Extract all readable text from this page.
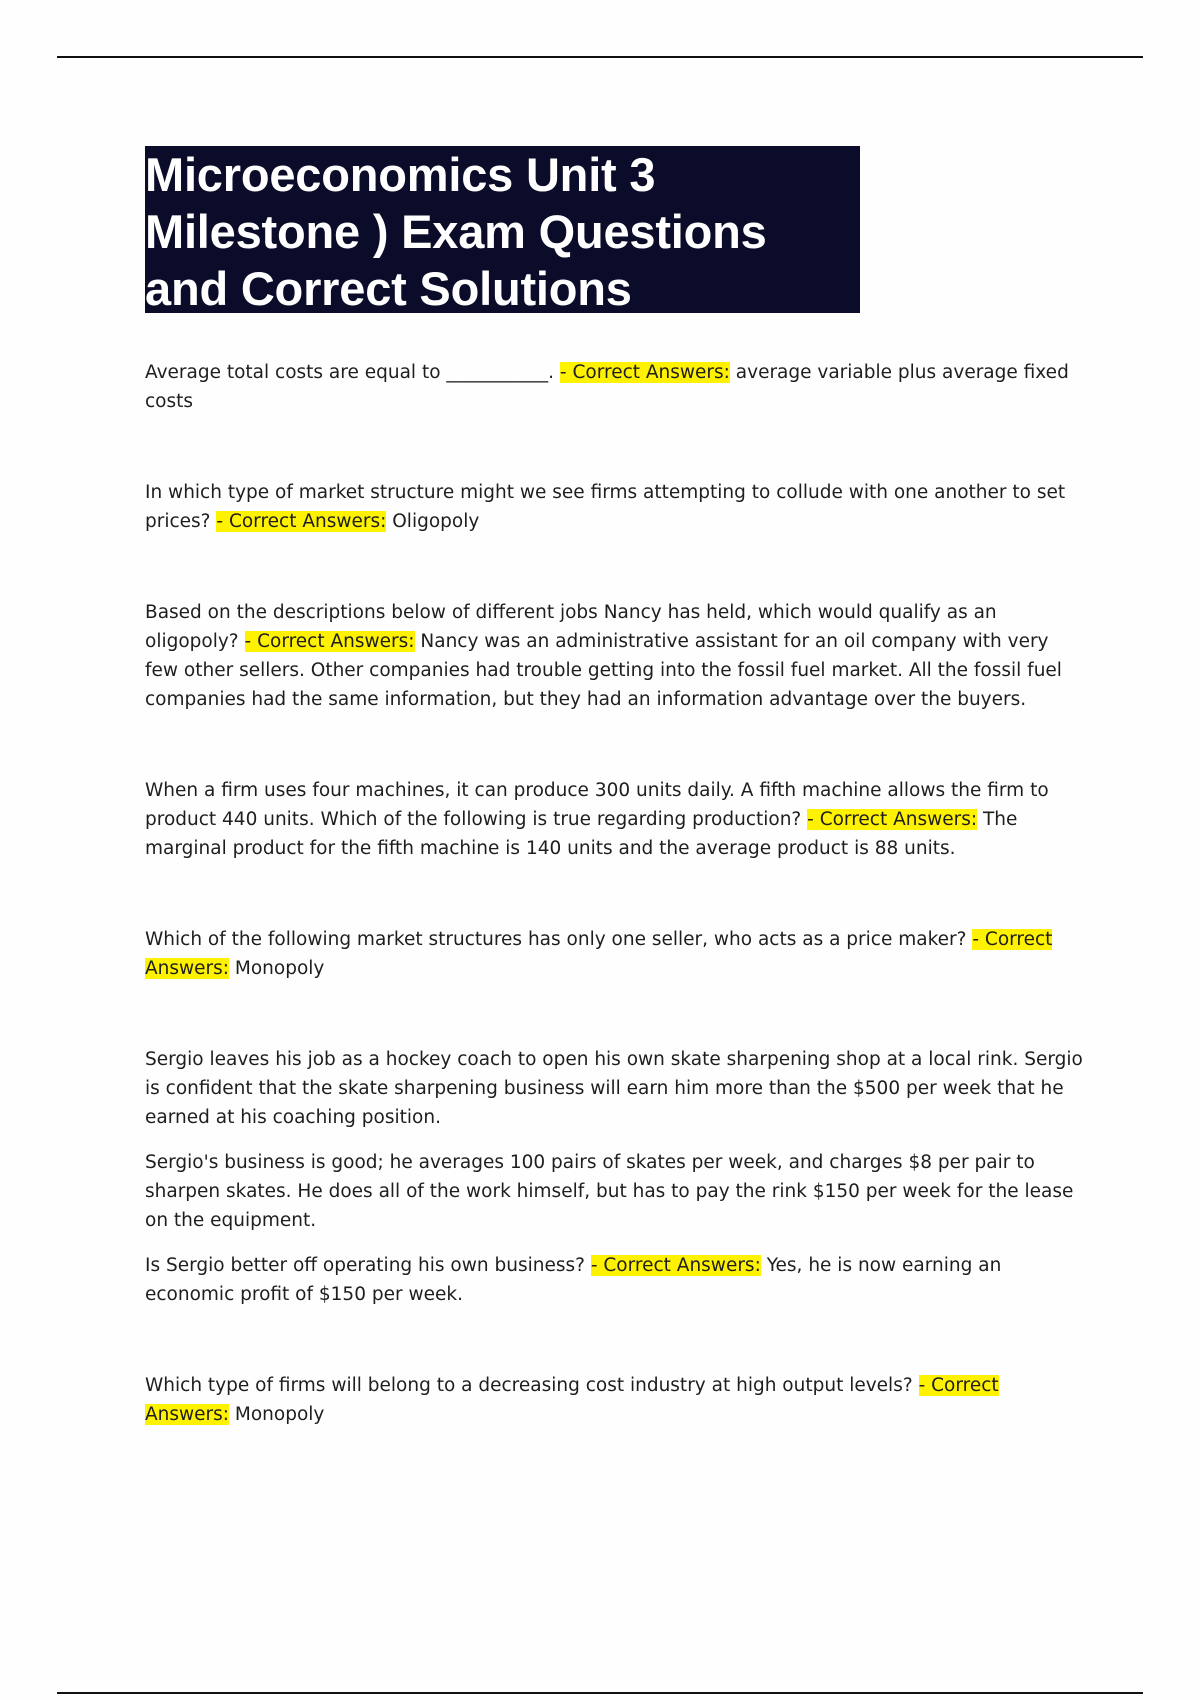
Microeconomics Unit 3
Milestone ) Exam Questions
and Correct Solutions

Average total costs are equal to ___________. - Correct Answers: average variable plus average fixed costs

In which type of market structure might we see firms attempting to collude with one another to set prices? - Correct Answers: Oligopoly

Based on the descriptions below of different jobs Nancy has held, which would qualify as an oligopoly? - Correct Answers: Nancy was an administrative assistant for an oil company with very few other sellers. Other companies had trouble getting into the fossil fuel market. All the fossil fuel companies had the same information, but they had an information advantage over the buyers.

When a firm uses four machines, it can produce 300 units daily. A fifth machine allows the firm to product 440 units. Which of the following is true regarding production? - Correct Answers: The marginal product for the fifth machine is 140 units and the average product is 88 units.

Which of the following market structures has only one seller, who acts as a price maker? - Correct Answers: Monopoly

Sergio leaves his job as a hockey coach to open his own skate sharpening shop at a local rink. Sergio is confident that the skate sharpening business will earn him more than the $500 per week that he earned at his coaching position.

Sergio's business is good; he averages 100 pairs of skates per week, and charges $8 per pair to sharpen skates. He does all of the work himself, but has to pay the rink $150 per week for the lease on the equipment.

Is Sergio better off operating his own business? - Correct Answers: Yes, he is now earning an economic profit of $150 per week.

Which type of firms will belong to a decreasing cost industry at high output levels? - Correct Answers: Monopoly
